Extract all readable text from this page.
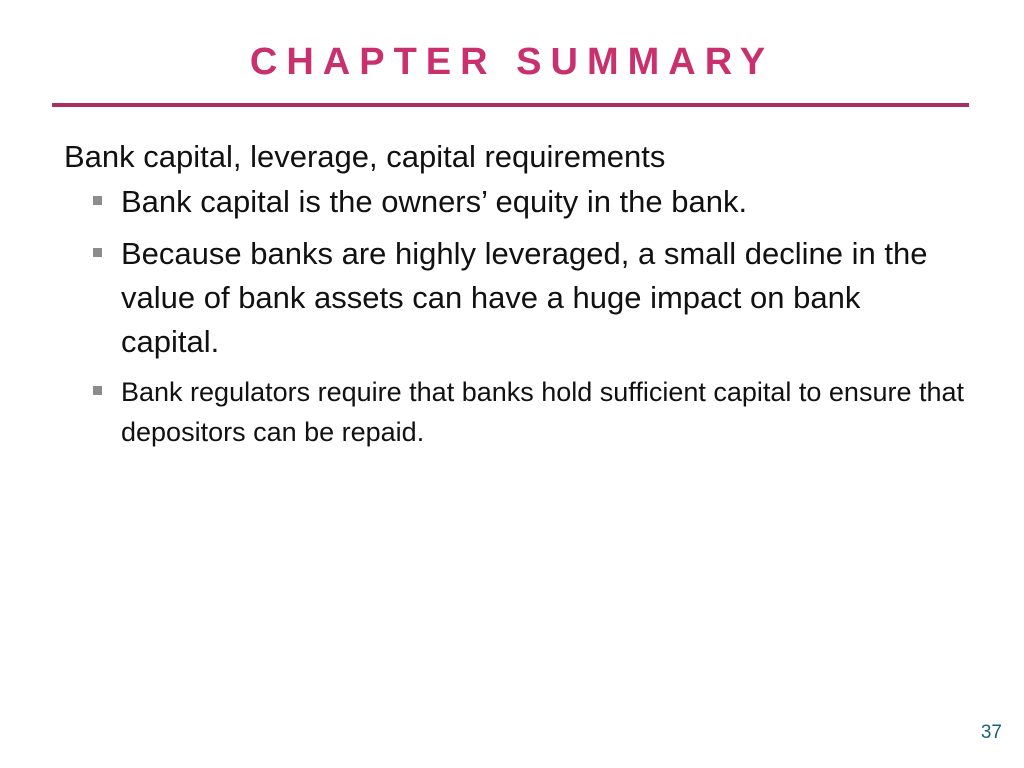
CHAPTER SUMMARY

Bank capital, leverage, capital requirements

Bank capital is the owners’ equity in the bank.
Because banks are highly leveraged, a small decline in the value of bank assets can have a huge impact on bank capital.
Bank regulators require that banks hold sufficient capital to ensure that depositors can be repaid.
37
